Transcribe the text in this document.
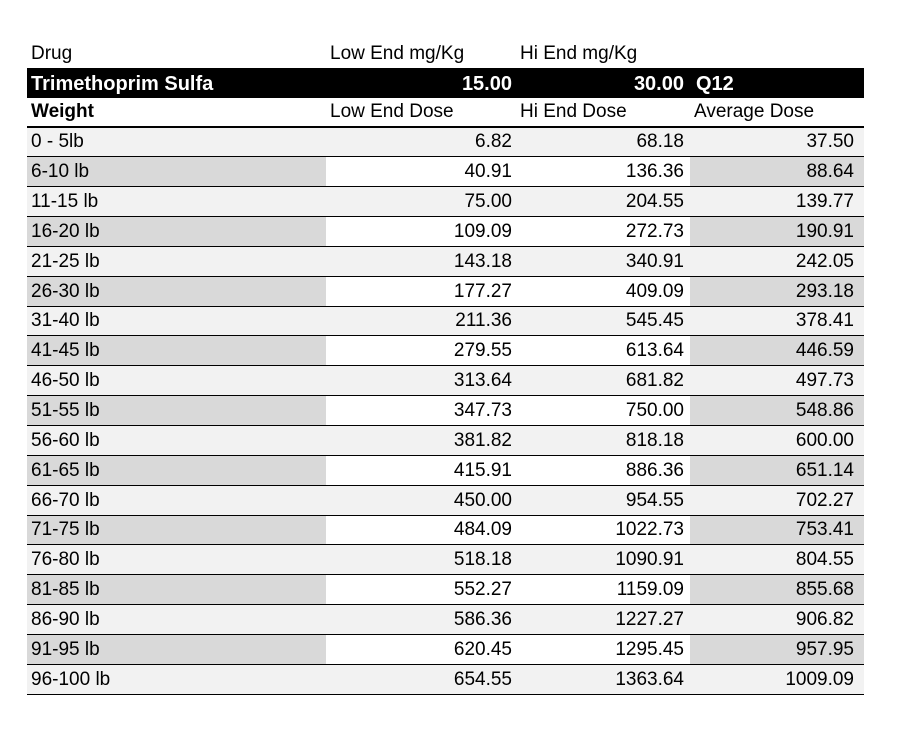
Drug	Low End mg/Kg	Hi End mg/Kg
Trimethoprim Sulfa	15.00	30.00 Q12
Weight	Low End Dose	Hi End Dose	Average Dose
0 - 5lb	6.82	68.18	37.50
6-10 lb	40.91	136.36	88.64
11-15 lb	75.00	204.55	139.77
16-20 lb	109.09	272.73	190.91
21-25 lb	143.18	340.91	242.05
26-30 lb	177.27	409.09	293.18
31-40 lb	211.36	545.45	378.41
41-45 lb	279.55	613.64	446.59
46-50 lb	313.64	681.82	497.73
51-55 lb	347.73	750.00	548.86
56-60 lb	381.82	818.18	600.00
61-65 lb	415.91	886.36	651.14
66-70 lb	450.00	954.55	702.27
71-75 lb	484.09	1022.73	753.41
76-80 lb	518.18	1090.91	804.55
81-85 lb	552.27	1159.09	855.68
86-90 lb	586.36	1227.27	906.82
91-95 lb	620.45	1295.45	957.95
96-100 lb	654.55	1363.64	1009.09
